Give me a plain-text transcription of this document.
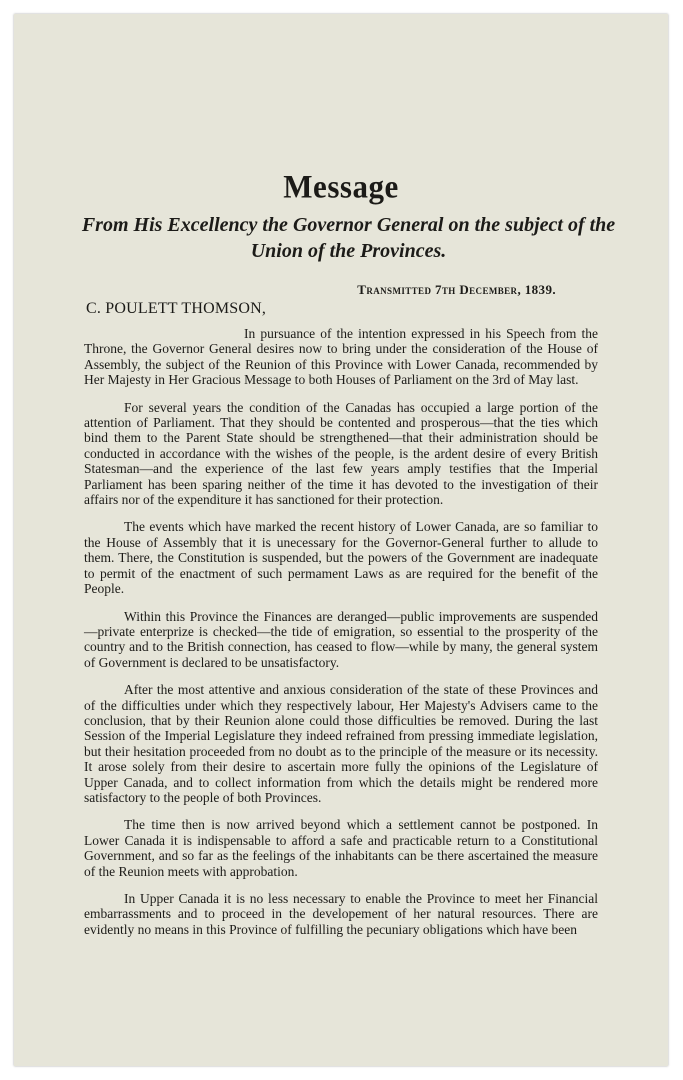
Message
From His Excellency the Governor General on the subject of the Union of the Provinces.
Transmitted 7th December, 1839.
C. POULETT THOMSON,

In pursuance of the intention expressed in his Speech from the Throne, the Governor General desires now to bring under the consideration of the House of Assembly, the subject of the Reunion of this Province with Lower Canada, recommended by Her Majesty in Her Gracious Message to both Houses of Parliament on the 3rd of May last.

For several years the condition of the Canadas has occupied a large portion of the attention of Parliament. That they should be contented and prosperous—that the ties which bind them to the Parent State should be strengthened—that their administration should be conducted in accordance with the wishes of the people, is the ardent desire of every British Statesman—and the experience of the last few years amply testifies that the Imperial Parliament has been sparing neither of the time it has devoted to the investigation of their affairs nor of the expenditure it has sanctioned for their protection.

The events which have marked the recent history of Lower Canada, are so familiar to the House of Assembly that it is unecessary for the Governor-General further to allude to them. There, the Constitution is suspended, but the powers of the Government are inadequate to permit of the enactment of such permament Laws as are required for the benefit of the People.

Within this Province the Finances are deranged—public improvements are suspended—private enterprize is checked—the tide of emigration, so essential to the prosperity of the country and to the British connection, has ceased to flow—while by many, the general system of Government is declared to be unsatisfactory.

After the most attentive and anxious consideration of the state of these Provinces and of the difficulties under which they respectively labour, Her Majesty's Advisers came to the conclusion, that by their Reunion alone could those difficulties be removed. During the last Session of the Imperial Legislature they indeed refrained from pressing immediate legislation, but their hesitation proceeded from no doubt as to the principle of the measure or its necessity. It arose solely from their desire to ascertain more fully the opinions of the Legislature of Upper Canada, and to collect information from which the details might be rendered more satisfactory to the people of both Provinces.

The time then is now arrived beyond which a settlement cannot be postponed. In Lower Canada it is indispensable to afford a safe and practicable return to a Constitutional Government, and so far as the feelings of the inhabitants can be there ascertained the measure of the Reunion meets with approbation.

In Upper Canada it is no less necessary to enable the Province to meet her Financial embarrassments and to proceed in the developement of her natural resources. There are evidently no means in this Province of fulfilling the pecuniary obligations which have been
